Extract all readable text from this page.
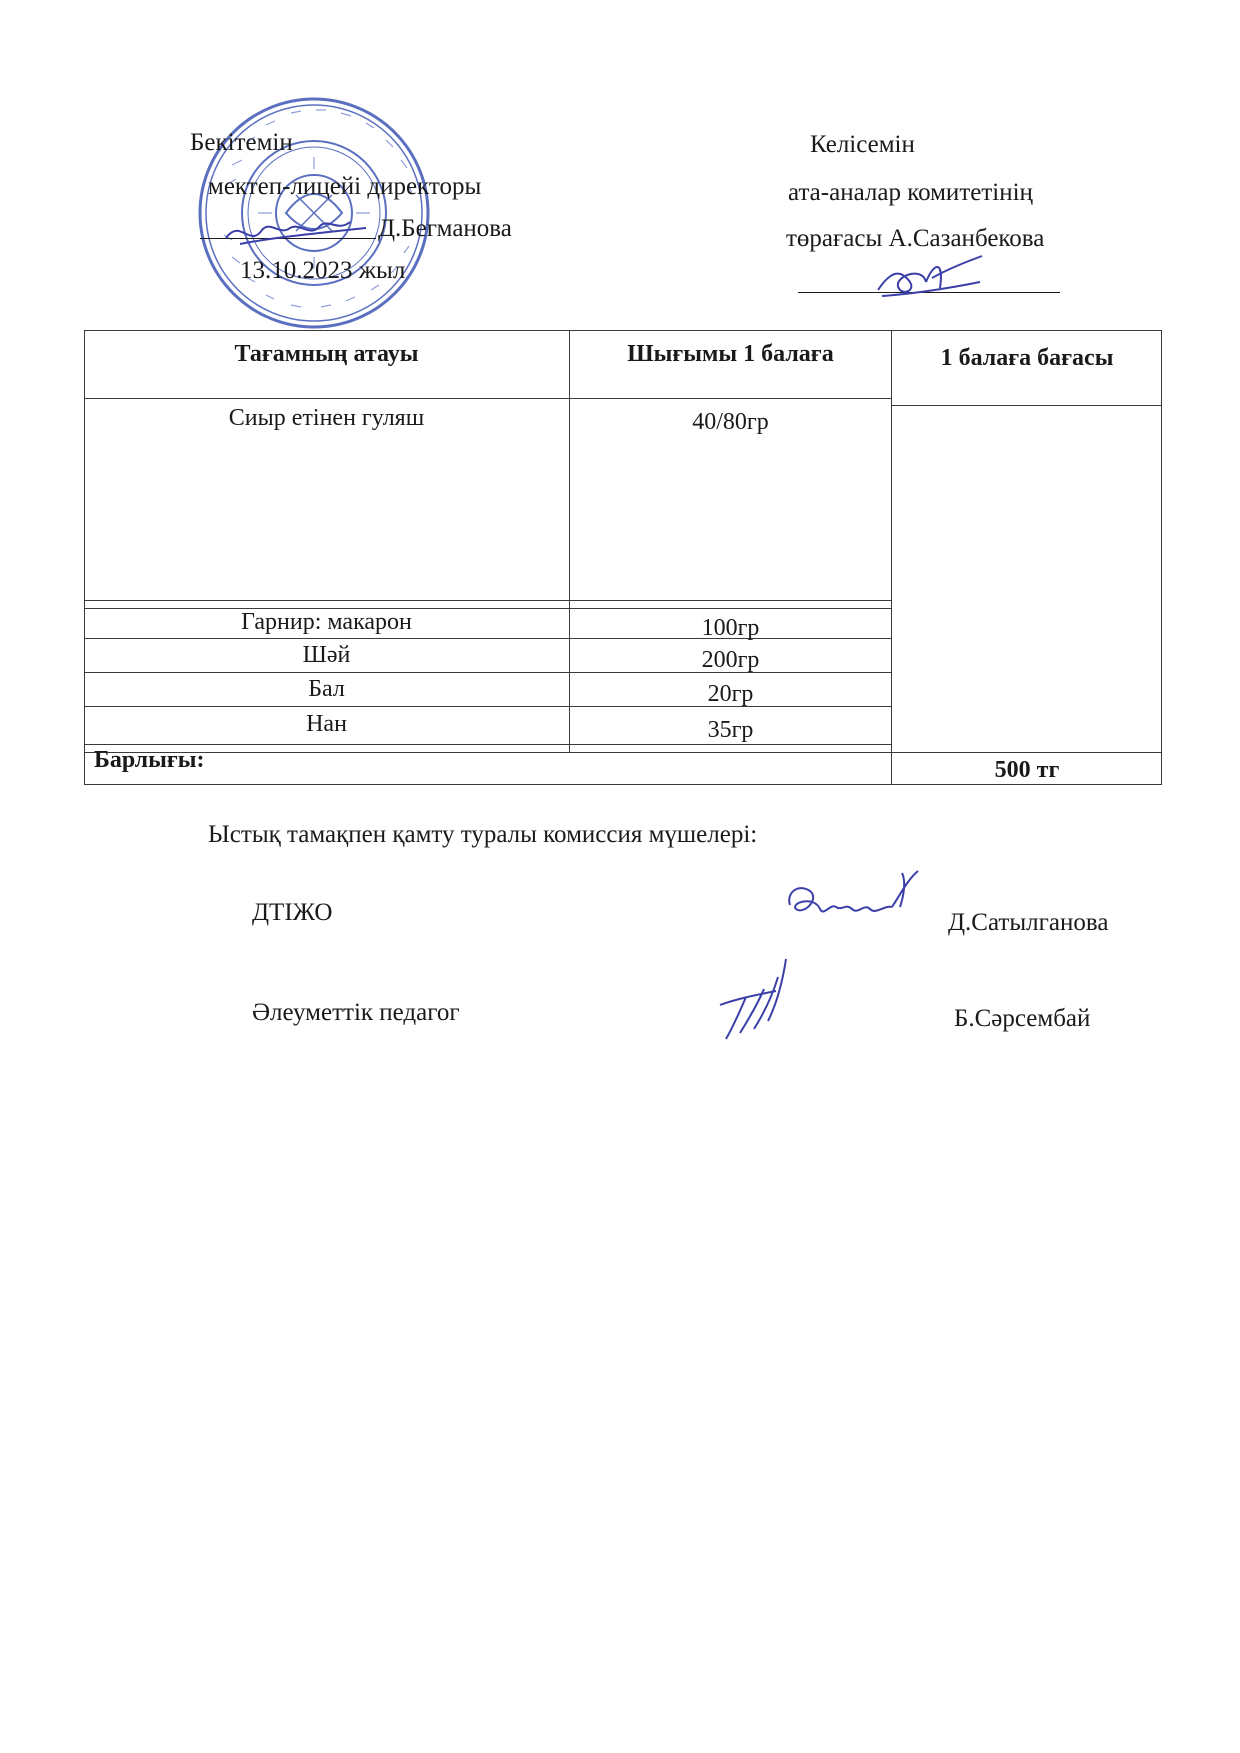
Бекітемін
мектеп-лицейі директоры
Д.Бегманова
13.10.2023 жыл
Келісемін
ата-аналар комитетінің
төрағасы А.Сазанбекова
Тағамның атауы	Шығымы 1 балаға	1 балаға бағасы
Сиыр етінен гуляш	40/80гр
Гарнир: макарон	100гр
Шәй	200гр
Бал	20гр
Нан	35гр
Барлығы:	500 тг
Ыстық тамақпен қамту туралы комиссия мүшелері:
ДТІЖО	Д.Сатылганова
Әлеуметтік педагог	Б.Сәрсембай
